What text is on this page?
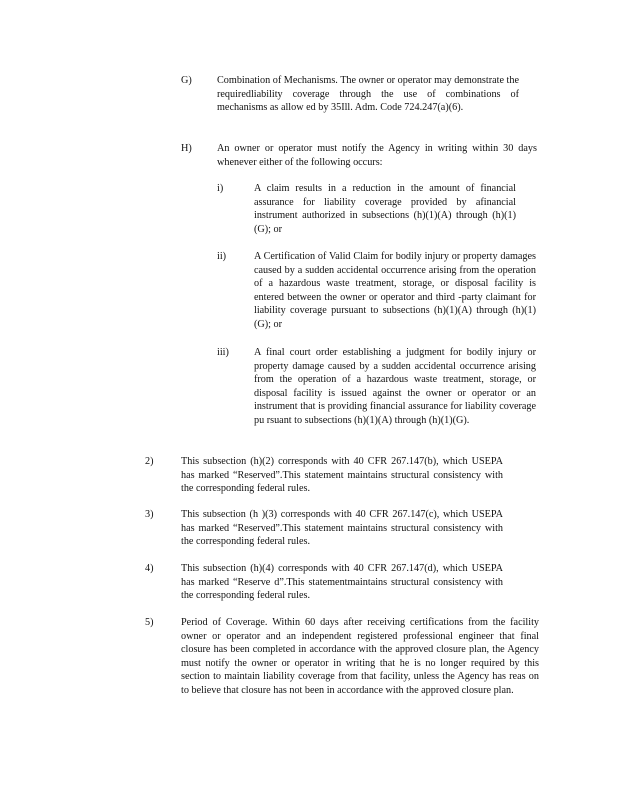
G) Combination of Mechanisms. The owner or operator may demonstrate the requiredliability coverage through the use of combinations of mechanisms as allow ed by 35Ill. Adm. Code 724.247(a)(6).
H) An owner or operator must notify the Agency in writing within 30 days whenever either of the following occurs:
i)	A claim results in a reduction in the amount of financial assurance for liability coverage provided by afinancial instrument authorized in subsections (h)(1)(A) through (h)(1)(G); or
ii)	A Certification of Valid Claim for bodily injury or property damages caused by a sudden accidental occurrence arising from the operation of a hazardous waste treatment, storage, or disposal facility is entered between the owner or operator and third -party claimant for liability coverage pursuant to subsections (h)(1)(A) through (h)(1)(G); or
iii) A final court order establishing a judgment for bodily injury or property damage caused by a sudden accidental occurrence arising from the operation of a hazardous waste treatment, storage, or disposal facility is issued against the owner or operator or an instrument that is providing financial assurance for liability coverage pu rsuant to subsections (h)(1)(A) through (h)(1)(G).
2)	This subsection (h)(2) corresponds with 40 CFR 267.147(b), which USEPA has marked “Reserved”.This statement maintains structural consistency with the corresponding federal rules.
3)	This subsection (h )(3) corresponds with 40 CFR 267.147(c), which USEPA has marked “Reserved”.This statement maintains structural consistency with the corresponding federal rules.
4)	This subsection (h)(4) corresponds with 40 CFR 267.147(d), which USEPA has marked “Reserve d”.This statementmaintains structural consistency with the corresponding federal rules.
5)	Period of Coverage. Within 60 days after receiving certifications from the facility owner or operator and an independent registered professional engineer that final closure has been completed in accordance with the approved closure plan, the Agency must notify the owner or operator in writing that he is no longer required by this section to maintain liability coverage from that facility, unless the Agency has reas on to believe that closure has not been in accordance with the approved closure plan.
